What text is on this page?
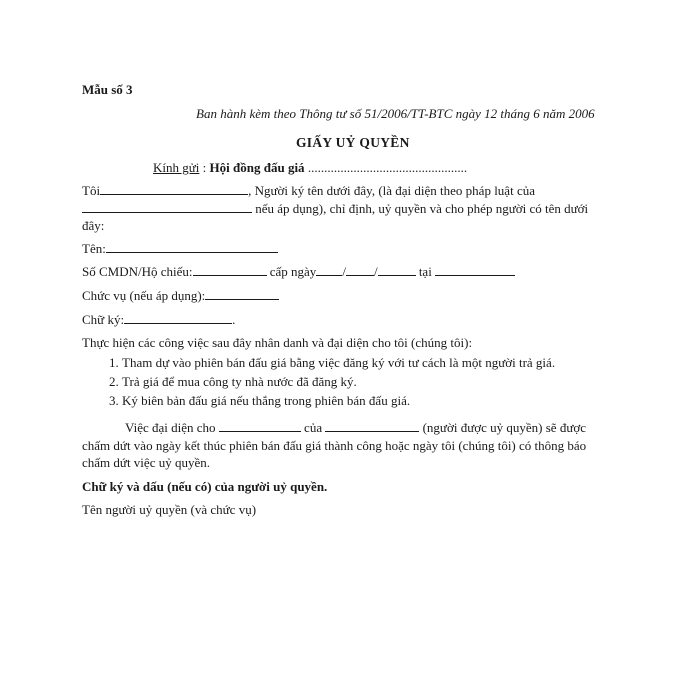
Mẫu số 3
Ban hành kèm theo Thông tư số 51/2006/TT-BTC ngày 12 tháng 6 năm 2006
GIẤY UỶ QUYỀN
Kính gửi : Hội đồng đấu giá .................................................
Tôi	, Người ký tên dưới đây, (là đại diện theo pháp luật của
nếu áp dụng), chỉ định, uỷ quyền và cho phép người có tên dưới
đây:
Tên:
Số CMDN/Hộ chiếu:	cấp ngày / /	tại
Chức vụ (nếu áp dụng):
Chữ ký:	.
Thực hiện các công việc sau đây nhân danh và đại diện cho tôi (chúng tôi):
1. Tham dự vào phiên bán đấu giá bằng việc đăng ký với tư cách là một người trả giá.
2. Trả giá để mua công ty nhà nước đã đăng ký.
3. Ký biên bản đấu giá nếu thắng trong phiên bán đấu giá.
Việc đại diện cho	của	(người được uỷ quyền) sẽ được
chấm dứt vào ngày kết thúc phiên bán đấu giá thành công hoặc ngày tôi (chúng tôi) có thông báo
chấm dứt việc uỷ quyền.
Chữ ký và dấu (nếu có) của người uỷ quyền.
Tên người uỷ quyền (và chức vụ)
